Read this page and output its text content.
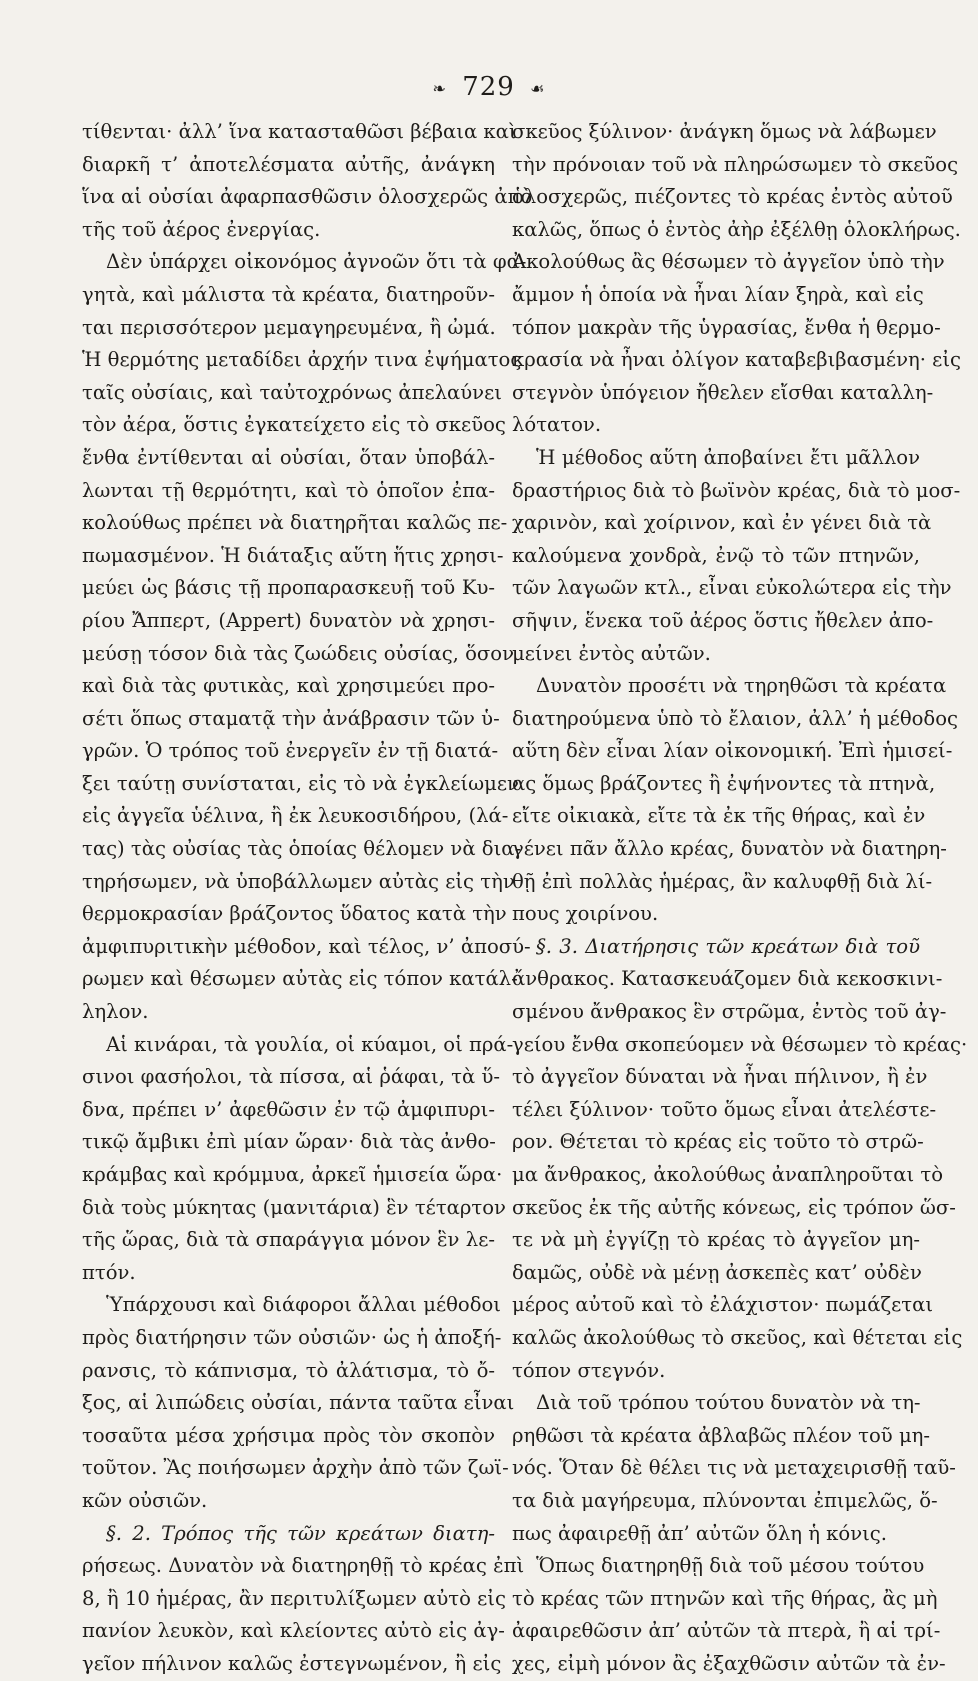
❧ 729 ☙
τίθενται· ἀλλ’ ἵνα κατασταθῶσι βέβαια καὶ
διαρκῆ τ’ ἀποτελέσματα αὐτῆς, ἀνάγκη
ἵνα αἱ οὐσίαι ἀφαρπασθῶσιν ὁλοσχερῶς ἀπὸ
τῆς τοῦ ἀέρος ἐνεργίας.
Δὲν ὑπάρχει οἰκονόμος ἀγνοῶν ὅτι τὰ φα-
γητὰ, καὶ μάλιστα τὰ κρέατα, διατηροῦν-
ται περισσότερον μεμαγηρευμένα, ἢ ὠμά.
Ἡ θερμότης μεταδίδει ἀρχήν τινα ἐψήματος
ταῖς οὐσίαις, καὶ ταὐτοχρόνως ἀπελαύνει
τὸν ἀέρα, ὅστις ἐγκατείχετο εἰς τὸ σκεῦος
ἔνθα ἐντίθενται αἱ οὐσίαι, ὅταν ὑποβάλ-
λωνται τῇ θερμότητι, καὶ τὸ ὁποῖον ἐπα-
κολούθως πρέπει νὰ διατηρῆται καλῶς πε-
πωμασμένον. Ἡ διάταξις αὕτη ἥτις χρησι-
μεύει ὡς βάσις τῇ προπαρασκευῇ τοῦ Κυ-
ρίου Ἄππερτ, (Appert) δυνατὸν νὰ χρησι-
μεύσῃ τόσον διὰ τὰς ζωώδεις οὐσίας, ὅσον
καὶ διὰ τὰς φυτικὰς, καὶ χρησιμεύει προ-
σέτι ὅπως σταματᾷ τὴν ἀνάβρασιν τῶν ὑ-
γρῶν. Ὁ τρόπος τοῦ ἐνεργεῖν ἐν τῇ διατά-
ξει ταύτῃ συνίσταται, εἰς τὸ νὰ ἐγκλείωμεν
εἰς ἀγγεῖα ὑέλινα, ἢ ἐκ λευκοσιδήρου, (λά-
τας) τὰς οὐσίας τὰς ὁποίας θέλομεν νὰ δια-
τηρήσωμεν, νὰ ὑποβάλλωμεν αὐτὰς εἰς τὴν
θερμοκρασίαν βράζοντος ὕδατος κατὰ τὴν
ἀμφιπυριτικὴν μέθοδον, καὶ τέλος, ν’ ἀποσύ-
ρωμεν καὶ θέσωμεν αὐτὰς εἰς τόπον κατάλ-
ληλον.
Αἱ κινάραι, τὰ γουλία, οἱ κύαμοι, οἱ πρά-
σινοι φασήολοι, τὰ πίσσα, αἱ ῥάφαι, τὰ ὕ-
δνα, πρέπει ν’ ἀφεθῶσιν ἐν τῷ ἀμφιπυρι-
τικῷ ἄμβικι ἐπὶ μίαν ὥραν· διὰ τὰς ἀνθο-
κράμβας καὶ κρόμμυα, ἀρκεῖ ἡμισεία ὥρα·
διὰ τοὺς μύκητας (μανιτάρια) ἓν τέταρτον
τῆς ὥρας, διὰ τὰ σπαράγγια μόνον ἓν λε-
πτόν.
Ὑπάρχουσι καὶ διάφοροι ἄλλαι μέθοδοι
πρὸς διατήρησιν τῶν οὐσιῶν· ὡς ἡ ἀποξή-
ρανσις, τὸ κάπνισμα, τὸ ἀλάτισμα, τὸ ὄ-
ξος, αἱ λιπώδεις οὐσίαι, πάντα ταῦτα εἶναι
τοσαῦτα μέσα χρήσιμα πρὸς τὸν σκοπὸν
τοῦτον. Ἂς ποιήσωμεν ἀρχὴν ἀπὸ τῶν ζωϊ-
κῶν οὐσιῶν.
§. 2. Τρόπος τῆς τῶν κρεάτων διατη-
ρήσεως. Δυνατὸν νὰ διατηρηθῇ τὸ κρέας ἐπὶ
8, ἢ 10 ἡμέρας, ἂν περιτυλίξωμεν αὐτὸ εἰς
πανίον λευκὸν, καὶ κλείοντες αὐτὸ εἰς ἀγ-
γεῖον πήλινον καλῶς ἐστεγνωμένον, ἢ εἰς
σκεῦος ξύλινον· ἀνάγκη ὅμως νὰ λάβωμεν
τὴν πρόνοιαν τοῦ νὰ πληρώσωμεν τὸ σκεῦος
ὁλοσχερῶς, πιέζοντες τὸ κρέας ἐντὸς αὐτοῦ
καλῶς, ὅπως ὁ ἐντὸς ἀὴρ ἐξέλθῃ ὁλοκλήρως.
Ἀκολούθως ἂς θέσωμεν τὸ ἀγγεῖον ὑπὸ τὴν
ἄμμον ἡ ὁποία νὰ ἦναι λίαν ξηρὰ, καὶ εἰς
τόπον μακρὰν τῆς ὑγρασίας, ἔνθα ἡ θερμο-
κρασία νὰ ἦναι ὀλίγον καταβεβιβασμένη· εἰς
στεγνὸν ὑπόγειον ἤθελεν εἴσθαι καταλλη-
λότατον.
Ἡ μέθοδος αὕτη ἀποβαίνει ἔτι μᾶλλον
δραστήριος διὰ τὸ βωϊνὸν κρέας, διὰ τὸ μοσ-
χαρινὸν, καὶ χοίρινον, καὶ ἐν γένει διὰ τὰ
καλούμενα χονδρὰ, ἐνῷ τὸ τῶν πτηνῶν,
τῶν λαγωῶν κτλ., εἶναι εὐκολώτερα εἰς τὴν
σῆψιν, ἕνεκα τοῦ ἀέρος ὅστις ἤθελεν ἀπο-
μείνει ἐντὸς αὐτῶν.
Δυνατὸν προσέτι νὰ τηρηθῶσι τὰ κρέατα
διατηρούμενα ὑπὸ τὸ ἔλαιον, ἀλλ’ ἡ μέθοδος
αὕτη δὲν εἶναι λίαν οἰκονομική. Ἐπὶ ἡμισεί-
ας ὅμως βράζοντες ἢ ἐψήνοντες τὰ πτηνὰ,
εἴτε οἰκιακὰ, εἴτε τὰ ἐκ τῆς θήρας, καὶ ἐν
γένει πᾶν ἄλλο κρέας, δυνατὸν νὰ διατηρη-
θῇ ἐπὶ πολλὰς ἡμέρας, ἂν καλυφθῇ διὰ λί-
πους χοιρίνου.
§. 3. Διατήρησις τῶν κρεάτων διὰ τοῦ
ἄνθρακος. Κατασκευάζομεν διὰ κεκοσκινι-
σμένου ἄνθρακος ἓν στρῶμα, ἐντὸς τοῦ ἀγ-
γείου ἔνθα σκοπεύομεν νὰ θέσωμεν τὸ κρέας·
τὸ ἀγγεῖον δύναται νὰ ἦναι πήλινον, ἢ ἐν
τέλει ξύλινον· τοῦτο ὅμως εἶναι ἀτελέστε-
ρον. Θέτεται τὸ κρέας εἰς τοῦτο τὸ στρῶ-
μα ἄνθρακος, ἀκολούθως ἀναπληροῦται τὸ
σκεῦος ἐκ τῆς αὐτῆς κόνεως, εἰς τρόπον ὥσ-
τε νὰ μὴ ἐγγίζῃ τὸ κρέας τὸ ἀγγεῖον μη-
δαμῶς, οὐδὲ νὰ μένῃ ἀσκεπὲς κατ’ οὐδὲν
μέρος αὐτοῦ καὶ τὸ ἐλάχιστον· πωμάζεται
καλῶς ἀκολούθως τὸ σκεῦος, καὶ θέτεται εἰς
τόπον στεγνόν.
Διὰ τοῦ τρόπου τούτου δυνατὸν νὰ τη-
ρηθῶσι τὰ κρέατα ἀβλαβῶς πλέον τοῦ μη-
νός. Ὅταν δὲ θέλει τις νὰ μεταχειρισθῇ ταῦ-
τα διὰ μαγήρευμα, πλύνονται ἐπιμελῶς, ὅ-
πως ἀφαιρεθῇ ἀπ’ αὐτῶν ὅλη ἡ κόνις.
Ὅπως διατηρηθῇ διὰ τοῦ μέσου τούτου
τὸ κρέας τῶν πτηνῶν καὶ τῆς θήρας, ἂς μὴ
ἀφαιρεθῶσιν ἀπ’ αὐτῶν τὰ πτερὰ, ἢ αἱ τρί-
χες, εἰμὴ μόνον ἂς ἐξαχθῶσιν αὐτῶν τὰ ἐν-
